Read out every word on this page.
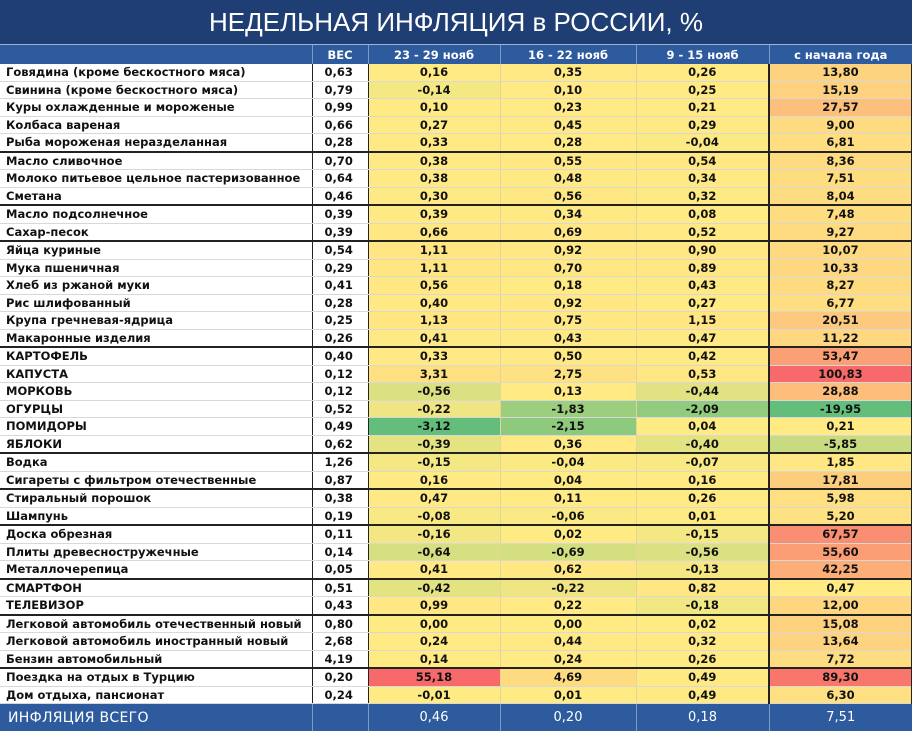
НЕДЕЛЬНАЯ ИНФЛЯЦИЯ в РОССИИ, %
	ВЕС	23 - 29 нояб	16 - 22 нояб	9 - 15 нояб	с начала года
Говядина (кроме бескостного мяса)	0,63	0,16	0,35	0,26	13,80
Свинина (кроме бескостного мяса)	0,79	-0,14	0,10	0,25	15,19
Куры охлажденные и мороженые	0,99	0,10	0,23	0,21	27,57
Колбаса вареная	0,66	0,27	0,45	0,29	9,00
Рыба мороженая неразделанная	0,28	0,33	0,28	-0,04	6,81
Масло сливочное	0,70	0,38	0,55	0,54	8,36
Молоко питьевое цельное пастеризованное	0,64	0,38	0,48	0,34	7,51
Сметана	0,46	0,30	0,56	0,32	8,04
Масло подсолнечное	0,39	0,39	0,34	0,08	7,48
Сахар-песок	0,39	0,66	0,69	0,52	9,27
Яйца куриные	0,54	1,11	0,92	0,90	10,07
Мука пшеничная	0,29	1,11	0,70	0,89	10,33
Хлеб из ржаной муки	0,41	0,56	0,18	0,43	8,27
Рис шлифованный	0,28	0,40	0,92	0,27	6,77
Крупа гречневая-ядрица	0,25	1,13	0,75	1,15	20,51
Макаронные изделия	0,26	0,41	0,43	0,47	11,22
КАРТОФЕЛЬ	0,40	0,33	0,50	0,42	53,47
КАПУСТА	0,12	3,31	2,75	0,53	100,83
МОРКОВЬ	0,12	-0,56	0,13	-0,44	28,88
ОГУРЦЫ	0,52	-0,22	-1,83	-2,09	-19,95
ПОМИДОРЫ	0,49	-3,12	-2,15	0,04	0,21
ЯБЛОКИ	0,62	-0,39	0,36	-0,40	-5,85
Водка	1,26	-0,15	-0,04	-0,07	1,85
Сигареты с фильтром отечественные	0,87	0,16	0,04	0,16	17,81
Стиральный порошок	0,38	0,47	0,11	0,26	5,98
Шампунь	0,19	-0,08	-0,06	0,01	5,20
Доска обрезная	0,11	-0,16	0,02	-0,15	67,57
Плиты древесностружечные	0,14	-0,64	-0,69	-0,56	55,60
Металлочерепица	0,05	0,41	0,62	-0,13	42,25
СМАРТФОН	0,51	-0,42	-0,22	0,82	0,47
ТЕЛЕВИЗОР	0,43	0,99	0,22	-0,18	12,00
Легковой автомобиль отечественный новый	0,80	0,00	0,00	0,02	15,08
Легковой автомобиль иностранный новый	2,68	0,24	0,44	0,32	13,64
Бензин автомобильный	4,19	0,14	0,24	0,26	7,72
Поездка на отдых в Турцию	0,20	55,18	4,69	0,49	89,30
Дом отдыха, пансионат	0,24	-0,01	0,01	0,49	6,30
ИНФЛЯЦИЯ ВСЕГО		0,46	0,20	0,18	7,51
